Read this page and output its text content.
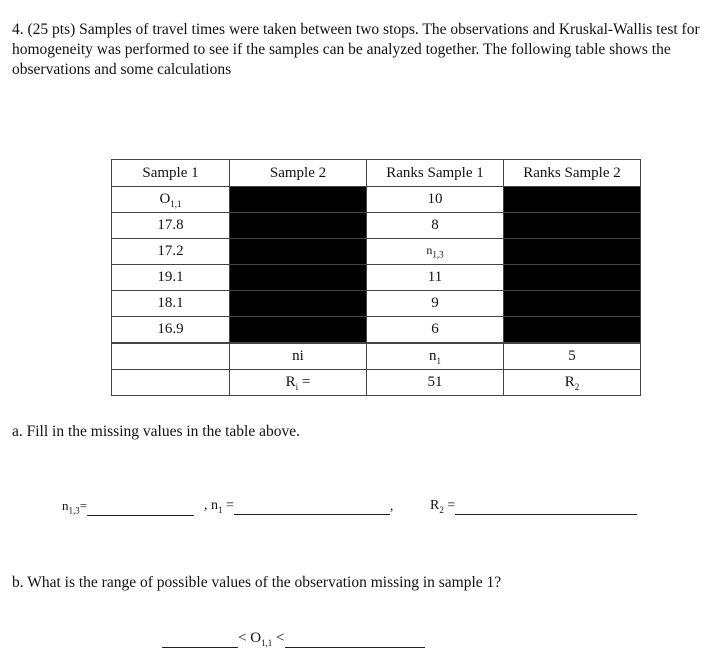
4. (25 pts) Samples of travel times were taken between two stops. The observations and Kruskal-Wallis test for homogeneity was performed to see if the samples can be analyzed together. The following table shows the observations and some calculations

Sample 1	Sample 2	Ranks Sample 1	Ranks Sample 2
$O_{1,1}$		10	
17.8		8	
17.2		$n_{1,3}$	
19.1		11	
18.1		9	
16.9		6	
	ni	$n_1$	5
	$R_i$ =	51	$R_2$
a. Fill in the missing values in the table above.
$n_{1,3}=$	, $n_1$ =	,	$R_2$ =
b. What is the range of possible values of the observation missing in sample 1?
< $O_{1,1}$ <
